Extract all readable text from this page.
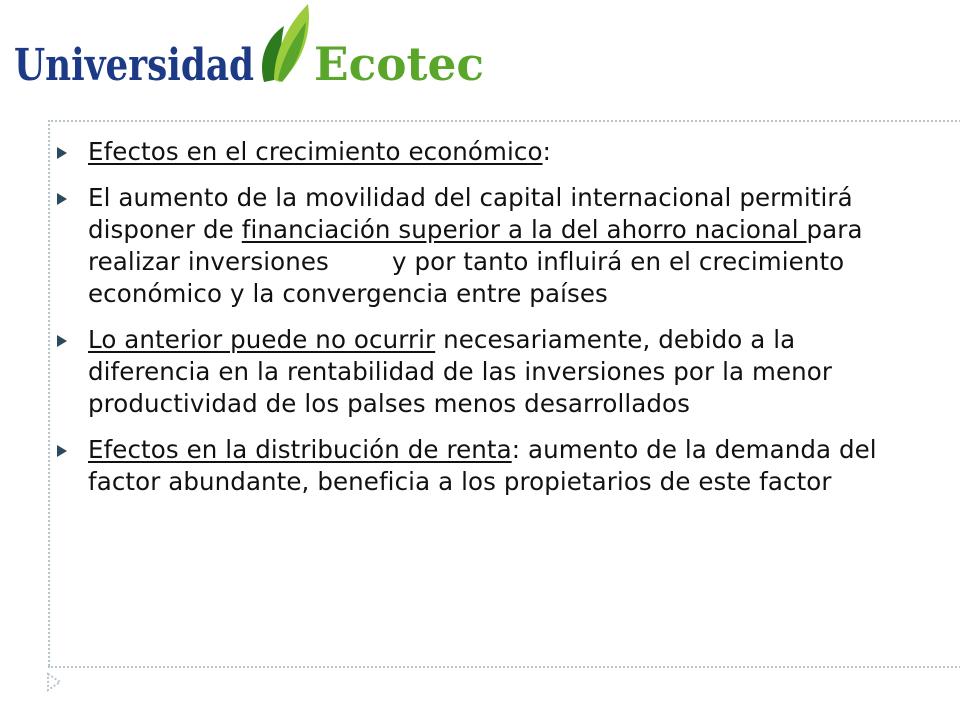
Universidad Ecotec
Efectos en el crecimiento económico:
El aumento de la movilidad del capital internacional permitirá disponer de financiación superior a la del ahorro nacional para realizar inversiones        y por tanto influirá en el crecimiento económico y la convergencia entre países
Lo anterior puede no ocurrir necesariamente, debido a la diferencia en la rentabilidad de las inversiones por la menor productividad de los palses menos desarrollados
Efectos en la distribución de renta: aumento de la demanda del factor abundante, beneficia a los propietarios de este factor
